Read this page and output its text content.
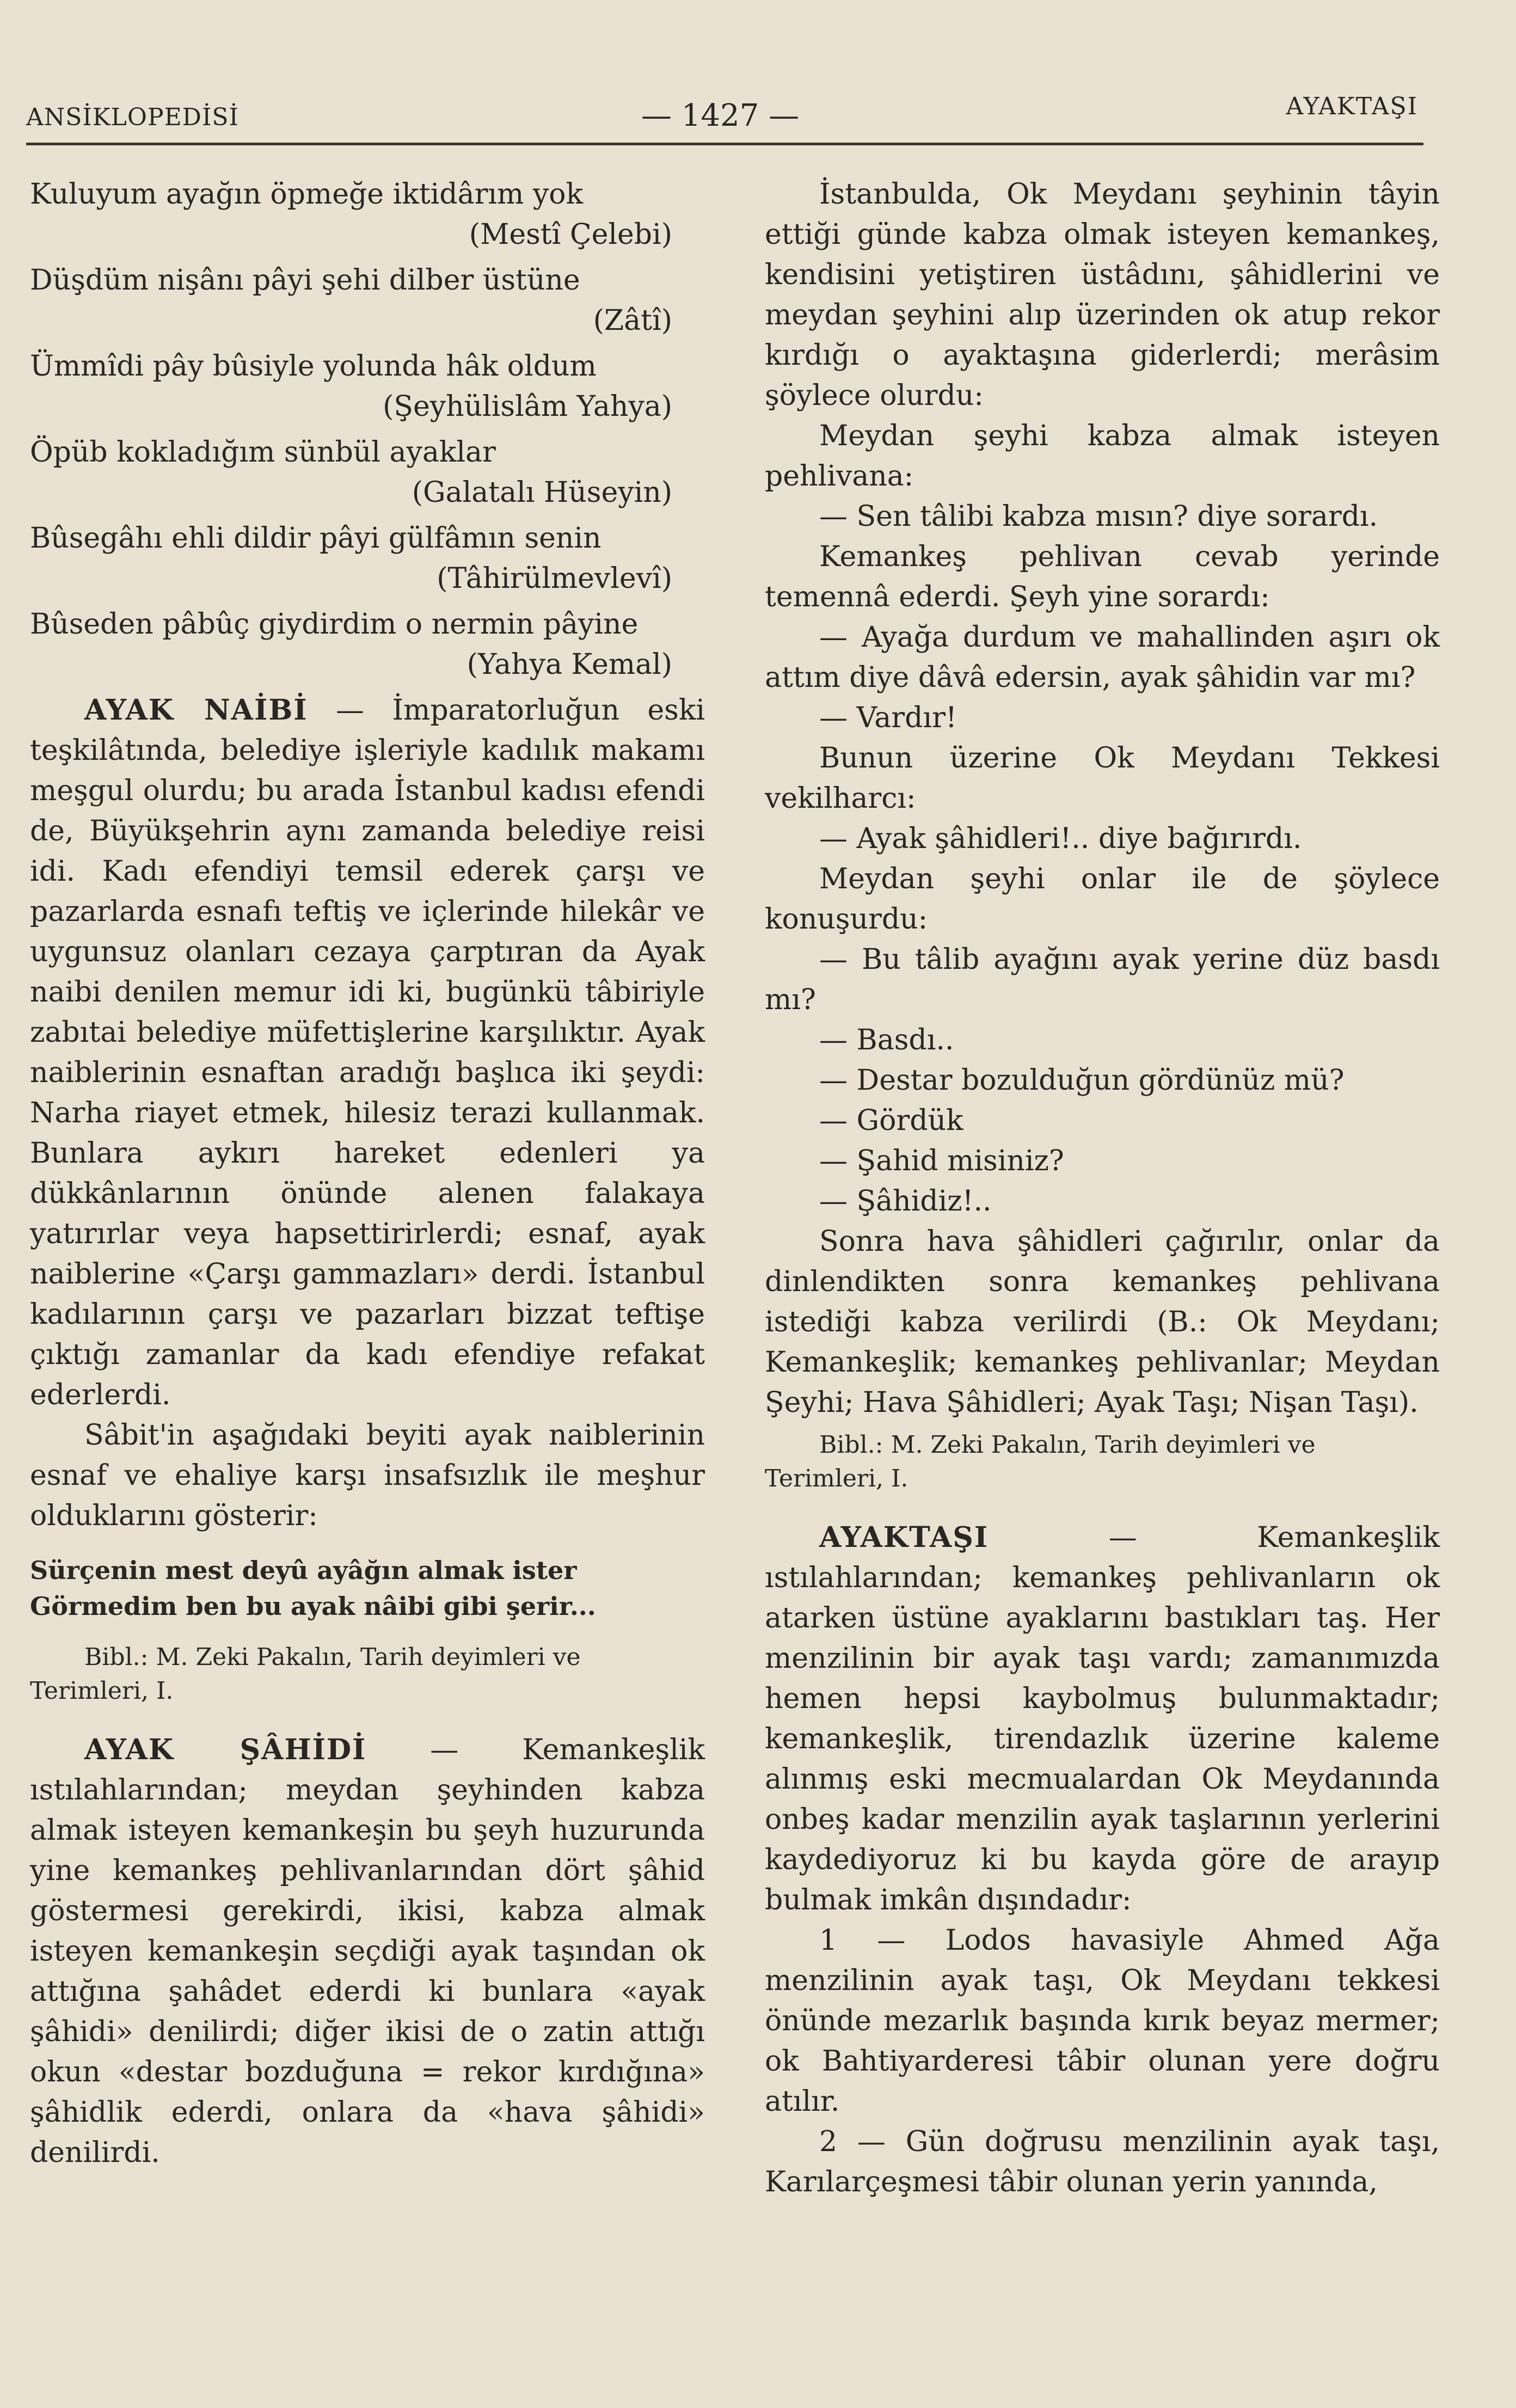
ANSİKLOPEDİSİ	— 1427 —	AYAKTAŞI
Kuluyum ayağın öpmeğe iktidârım yok
(Mestî Çelebi)
Düşdüm nişânı pâyi şehi dilber üstüne
(Zâtî)
Ümmîdi pây bûsiyle yolunda hâk oldum
(Şeyhülislâm Yahya)
Öpüb kokladığım sünbül ayaklar
(Galatalı Hüseyin)
Bûsegâhı ehli dildir pâyi gülfâmın senin
(Tâhirülmevlevî)
Bûseden pâbûç giydirdim o nermin pâyine
(Yahya Kemal)

AYAK NAİBİ — İmparatorluğun eski teşkilâtında, belediye işleriyle kadılık makamı meşgul olurdu; bu arada İstanbul kadısı efendi de, Büyükşehrin aynı zamanda belediye reisi idi. Kadı efendiyi temsil ederek çarşı ve pazarlarda esnafı teftiş ve içlerinde hilekâr ve uygunsuz olanları cezaya çarptıran da Ayak naibi denilen memur idi ki, bugünkü tâbiriyle zabıtai belediye müfettişlerine karşılıktır. Ayak naiblerinin esnaftan aradığı başlıca iki şeydi: Narha riayet etmek, hilesiz terazi kullanmak. Bunlara aykırı hareket edenleri ya dükkânlarının önünde alenen falakaya yatırırlar veya hapsettirirlerdi; esnaf, ayak naiblerine «Çarşı gammazları» derdi. İstanbul kadılarının çarşı ve pazarları bizzat teftişe çıktığı zamanlar da kadı efendiye refakat ederlerdi.

Sâbit'in aşağıdaki beyiti ayak naiblerinin esnaf ve ehaliye karşı insafsızlık ile meşhur olduklarını gösterir:

Sürçenin mest deyû ayâğın almak ister
Görmedim ben bu ayak nâibi gibi şerir...

Bibl.: M. Zeki Pakalın, Tarih deyimleri ve Terimleri, I.

AYAK ŞÂHİDİ — Kemankeşlik ıstılahlarından; meydan şeyhinden kabza almak isteyen kemankeşin bu şeyh huzurunda yine kemankeş pehlivanlarından dört şâhid göstermesi gerekirdi, ikisi, kabza almak isteyen kemankeşin seçdiği ayak taşından ok attığına şahâdet ederdi ki bunlara «ayak şâhidi» denilirdi; diğer ikisi de o zatin attığı okun «destar bozduğuna = rekor kırdığına» şâhidlik ederdi, onlara da «hava şâhidi» denilirdi.

İstanbulda, Ok Meydanı şeyhinin tâyin ettiği günde kabza olmak isteyen kemankeş, kendisini yetiştiren üstâdını, şâhidlerini ve meydan şeyhini alıp üzerinden ok atup rekor kırdığı o ayaktaşına giderlerdi; merâsim şöylece olurdu:

Meydan şeyhi kabza almak isteyen pehlivana:

— Sen tâlibi kabza mısın? diye sorardı.

Kemankeş pehlivan cevab yerinde temennâ ederdi. Şeyh yine sorardı:

— Ayağa durdum ve mahallinden aşırı ok attım diye dâvâ edersin, ayak şâhidin var mı?

— Vardır!

Bunun üzerine Ok Meydanı Tekkesi vekilharcı:

— Ayak şâhidleri!.. diye bağırırdı.

Meydan şeyhi onlar ile de şöylece konuşurdu:

— Bu tâlib ayağını ayak yerine düz basdı mı?

— Basdı..

— Destar bozulduğun gördünüz mü?

— Gördük

— Şahid misiniz?

— Şâhidiz!..

Sonra hava şâhidleri çağırılır, onlar da dinlendikten sonra kemankeş pehlivana istediği kabza verilirdi (B.: Ok Meydanı; Kemankeşlik; kemankeş pehlivanlar; Meydan Şeyhi; Hava Şâhidleri; Ayak Taşı; Nişan Taşı).

Bibl.: M. Zeki Pakalın, Tarih deyimleri ve Terimleri, I.

AYAKTAŞI — Kemankeşlik ıstılahlarından; kemankeş pehlivanların ok atarken üstüne ayaklarını bastıkları taş. Her menzilinin bir ayak taşı vardı; zamanımızda hemen hepsi kaybolmuş bulunmaktadır; kemankeşlik, tirendazlık üzerine kaleme alınmış eski mecmualardan Ok Meydanında onbeş kadar menzilin ayak taşlarının yerlerini kaydediyoruz ki bu kayda göre de arayıp bulmak imkân dışındadır:

1 — Lodos havasiyle Ahmed Ağa menzilinin ayak taşı, Ok Meydanı tekkesi önünde mezarlık başında kırık beyaz mermer; ok Bahtiyarderesi tâbir olunan yere doğru atılır.

2 — Gün doğrusu menzilinin ayak taşı, Karılarçeşmesi tâbir olunan yerin yanında,
